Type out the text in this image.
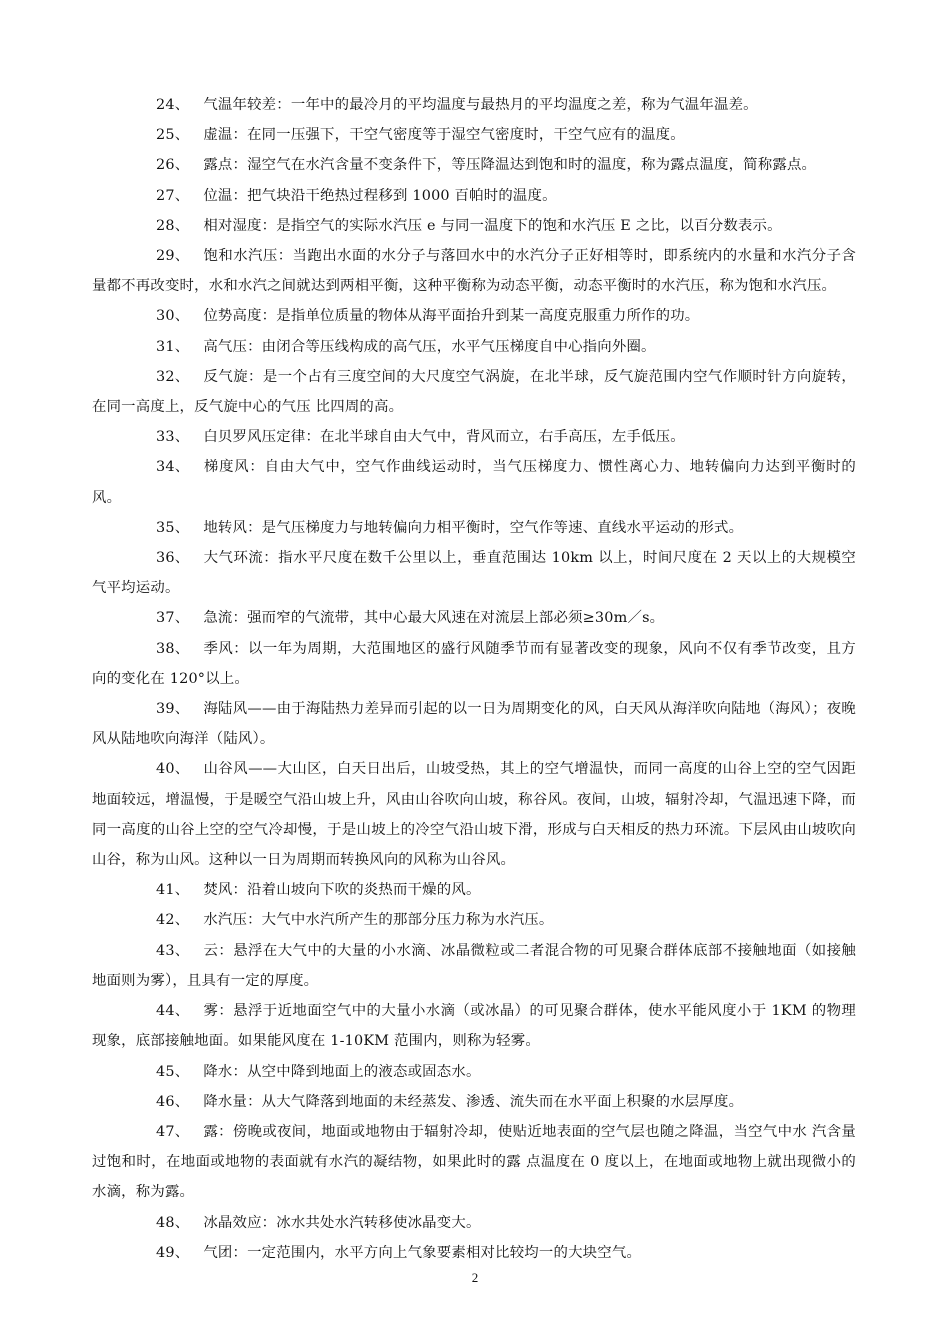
24、 气温年较差：一年中的最冷月的平均温度与最热月的平均温度之差，称为气温年温差。

25、 虚温：在同一压强下，干空气密度等于湿空气密度时，干空气应有的温度。

26、 露点：湿空气在水汽含量不变条件下，等压降温达到饱和时的温度，称为露点温度，简称露点。

27、 位温：把气块沿干绝热过程移到 1000 百帕时的温度。

28、 相对湿度：是指空气的实际水汽压 e 与同一温度下的饱和水汽压 E 之比，以百分数表示。

29、 饱和水汽压：当跑出水面的水分子与落回水中的水汽分子正好相等时，即系统内的水量和水汽分子含量都不再改变时，水和水汽之间就达到两相平衡，这种平衡称为动态平衡，动态平衡时的水汽压，称为饱和水汽压。

30、 位势高度：是指单位质量的物体从海平面抬升到某一高度克服重力所作的功。

31、 高气压：由闭合等压线构成的高气压，水平气压梯度自中心指向外圈。

32、 反气旋：是一个占有三度空间的大尺度空气涡旋，在北半球，反气旋范围内空气作顺时针方向旋转，在同一高度上，反气旋中心的气压 比四周的高。

33、 白贝罗风压定律：在北半球自由大气中，背风而立，右手高压，左手低压。

34、 梯度风：自由大气中，空气作曲线运动时，当气压梯度力、惯性离心力、地转偏向力达到平衡时的风。

35、 地转风：是气压梯度力与地转偏向力相平衡时，空气作等速、直线水平运动的形式。

36、 大气环流：指水平尺度在数千公里以上，垂直范围达 10km 以上，时间尺度在 2 天以上的大规模空气平均运动。

37、 急流：强而窄的气流带，其中心最大风速在对流层上部必须≥30m／s。

38、 季风：以一年为周期，大范围地区的盛行风随季节而有显著改变的现象，风向不仅有季节改变，且方向的变化在 120°以上。

39、 海陆风——由于海陆热力差异而引起的以一日为周期变化的风，白天风从海洋吹向陆地（海风）；夜晚风从陆地吹向海洋（陆风）。

40、 山谷风——大山区，白天日出后，山坡受热，其上的空气增温快，而同一高度的山谷上空的空气因距地面较远，增温慢，于是暖空气沿山坡上升，风由山谷吹向山坡，称谷风。夜间，山坡，辐射冷却，气温迅速下降，而同一高度的山谷上空的空气冷却慢，于是山坡上的冷空气沿山坡下滑，形成与白天相反的热力环流。下层风由山坡吹向山谷，称为山风。这种以一日为周期而转换风向的风称为山谷风。

41、 焚风：沿着山坡向下吹的炎热而干燥的风。

42、 水汽压：大气中水汽所产生的那部分压力称为水汽压。

43、 云：悬浮在大气中的大量的小水滴、冰晶微粒或二者混合物的可见聚合群体底部不接触地面（如接触地面则为雾），且具有一定的厚度。

44、 雾：悬浮于近地面空气中的大量小水滴（或冰晶）的可见聚合群体，使水平能风度小于 1KM 的物理现象，底部接触地面。如果能风度在 1-10KM 范围内，则称为轻雾。

45、 降水：从空中降到地面上的液态或固态水。

46、 降水量：从大气降落到地面的未经蒸发、渗透、流失而在水平面上积聚的水层厚度。

47、 露：傍晚或夜间，地面或地物由于辐射冷却，使贴近地表面的空气层也随之降温，当空气中水 汽含量过饱和时，在地面或地物的表面就有水汽的凝结物，如果此时的露 点温度在 0 度以上，在地面或地物上就出现微小的水滴，称为露。

48、 冰晶效应：冰水共处水汽转移使冰晶变大。

49、 气团：一定范围内，水平方向上气象要素相对比较均一的大块空气。

2
